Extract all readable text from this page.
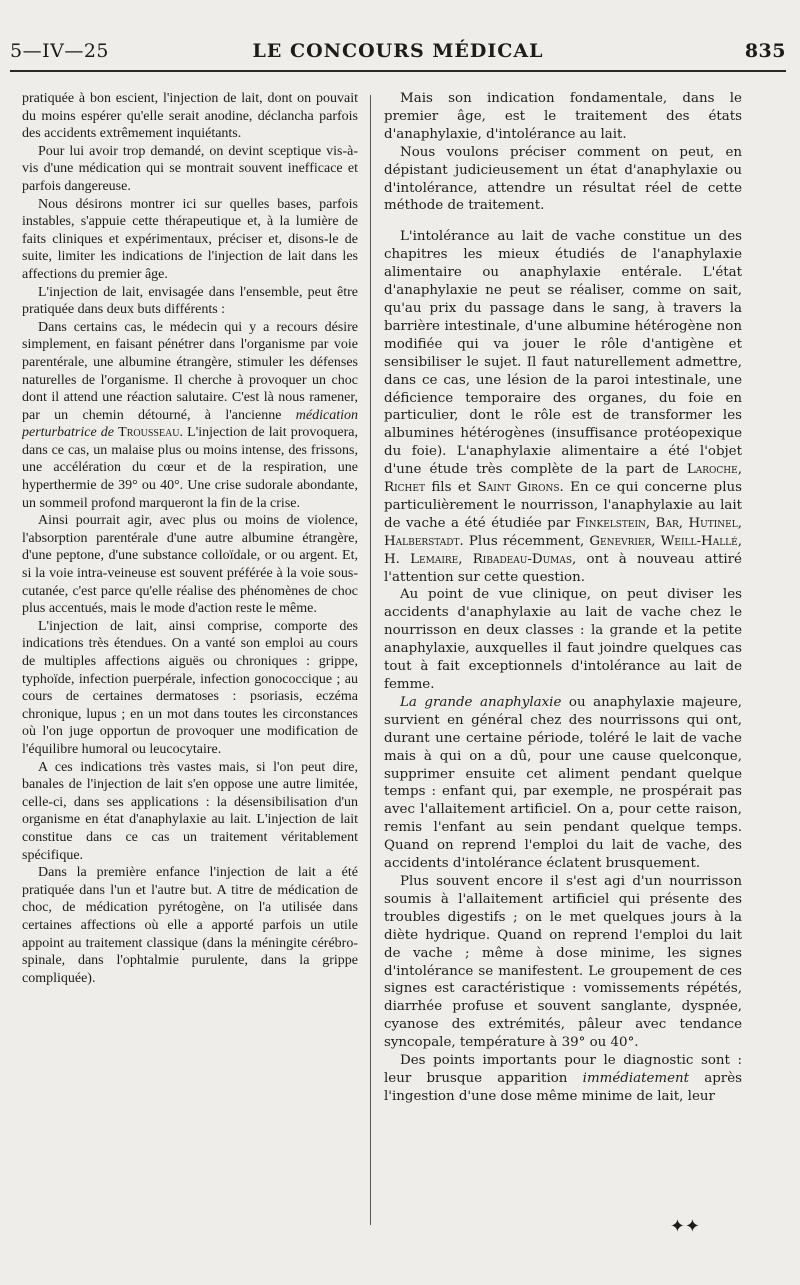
5—IV—25	LE CONCOURS MÉDICAL	835

pratiquée à bon escient, l'injection de lait, dont on pouvait du moins espérer qu'elle serait anodine, déclancha parfois des accidents extrêmement inquiétants.

Pour lui avoir trop demandé, on devint sceptique vis-à-vis d'une médication qui se montrait souvent inefficace et parfois dangereuse.

Nous désirons montrer ici sur quelles bases, parfois instables, s'appuie cette thérapeutique et, à la lumière de faits cliniques et expérimentaux, préciser et, disons-le de suite, limiter les indications de l'injection de lait dans les affections du premier âge.

L'injection de lait, envisagée dans l'ensemble, peut être pratiquée dans deux buts différents :

Dans certains cas, le médecin qui y a recours désire simplement, en faisant pénétrer dans l'organisme par voie parentérale, une albumine étrangère, stimuler les défenses naturelles de l'organisme. Il cherche à provoquer un choc dont il attend une réaction salutaire. C'est là nous ramener, par un chemin détourné, à l'ancienne médication perturbatrice de Trousseau. L'injection de lait provoquera, dans ce cas, un malaise plus ou moins intense, des frissons, une accélération du cœur et de la respiration, une hyperthermie de 39° ou 40°. Une crise sudorale abondante, un sommeil profond marqueront la fin de la crise.

Ainsi pourrait agir, avec plus ou moins de violence, l'absorption parentérale d'une autre albumine étrangère, d'une peptone, d'une substance colloïdale, or ou argent. Et, si la voie intra-veineuse est souvent préférée à la voie sous-cutanée, c'est parce qu'elle réalise des phénomènes de choc plus accentués, mais le mode d'action reste le même.

L'injection de lait, ainsi comprise, comporte des indications très étendues. On a vanté son emploi au cours de multiples affections aiguës ou chroniques : grippe, typhoïde, infection puerpérale, infection gonococcique ; au cours de certaines dermatoses : psoriasis, eczéma chronique, lupus ; en un mot dans toutes les circonstances où l'on juge opportun de provoquer une modification de l'équilibre humoral ou leucocytaire.

A ces indications très vastes mais, si l'on peut dire, banales de l'injection de lait s'en oppose une autre limitée, celle-ci, dans ses applications : la désensibilisation d'un organisme en état d'anaphylaxie au lait. L'injection de lait constitue dans ce cas un traitement véritablement spécifique.

Dans la première enfance l'injection de lait a été pratiquée dans l'un et l'autre but. A titre de médication de choc, de médication pyrétogène, on l'a utilisée dans certaines affections où elle a apporté parfois un utile appoint au traitement classique (dans la méningite cérébro-spinale, dans l'ophtalmie purulente, dans la grippe compliquée).

Mais son indication fondamentale, dans le premier âge, est le traitement des états d'anaphylaxie, d'intolérance au lait.

Nous voulons préciser comment on peut, en dépistant judicieusement un état d'anaphylaxie ou d'intolérance, attendre un résultat réel de cette méthode de traitement.

L'intolérance au lait de vache constitue un des chapitres les mieux étudiés de l'anaphylaxie alimentaire ou anaphylaxie entérale. L'état d'anaphylaxie ne peut se réaliser, comme on sait, qu'au prix du passage dans le sang, à travers la barrière intestinale, d'une albumine hétérogène non modifiée qui va jouer le rôle d'antigène et sensibiliser le sujet. Il faut naturellement admettre, dans ce cas, une lésion de la paroi intestinale, une déficience temporaire des organes, du foie en particulier, dont le rôle est de transformer les albumines hétérogènes (insuffisance protéopexique du foie). L'anaphylaxie alimentaire a été l'objet d'une étude très complète de la part de Laroche, Richet fils et Saint Girons. En ce qui concerne plus particulièrement le nourrisson, l'anaphylaxie au lait de vache a été étudiée par Finkelstein, Bar, Hutinel, Halberstadt. Plus récemment, Genevrier, Weill-Hallé, H. Lemaire, Ribadeau-Dumas, ont à nouveau attiré l'attention sur cette question.

Au point de vue clinique, on peut diviser les accidents d'anaphylaxie au lait de vache chez le nourrisson en deux classes : la grande et la petite anaphylaxie, auxquelles il faut joindre quelques cas tout à fait exceptionnels d'intolérance au lait de femme.

La grande anaphylaxie ou anaphylaxie majeure, survient en général chez des nourrissons qui ont, durant une certaine période, toléré le lait de vache mais à qui on a dû, pour une cause quelconque, supprimer ensuite cet aliment pendant quelque temps : enfant qui, par exemple, ne prospérait pas avec l'allaitement artificiel. On a, pour cette raison, remis l'enfant au sein pendant quelque temps. Quand on reprend l'emploi du lait de vache, des accidents d'intolérance éclatent brusquement.

Plus souvent encore il s'est agi d'un nourrisson soumis à l'allaitement artificiel qui présente des troubles digestifs ; on le met quelques jours à la diète hydrique. Quand on reprend l'emploi du lait de vache ; même à dose minime, les signes d'intolérance se manifestent. Le groupement de ces signes est caractéristique : vomissements répétés, diarrhée profuse et souvent sanglante, dyspnée, cyanose des extrémités, pâleur avec tendance syncopale, température à 39° ou 40°.

Des points importants pour le diagnostic sont : leur brusque apparition immédiatement après l'ingestion d'une dose même minime de lait, leur

✦✦
